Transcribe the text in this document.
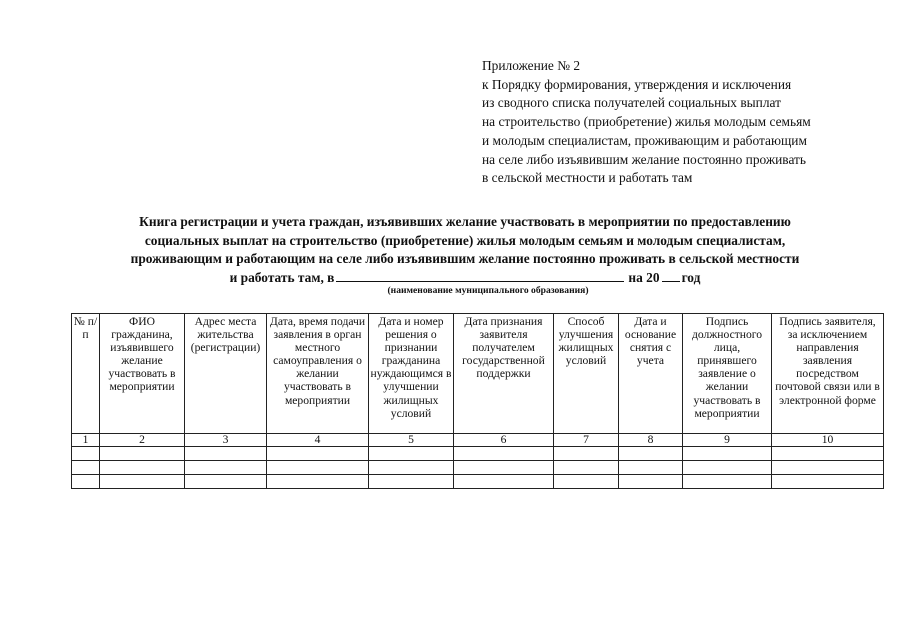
Приложение № 2
к Порядку формирования, утверждения и исключения
из сводного списка получателей социальных выплат
на строительство (приобретение) жилья молодым семьям
и молодым специалистам, проживающим и работающим
на селе либо изъявившим желание постоянно проживать
в сельской местности и работать там
Книга регистрации и учета граждан, изъявивших желание участвовать в мероприятии по предоставлению
социальных выплат на строительство (приобретение) жилья молодым семьям и молодым специалистам,
проживающим и работающим на селе либо изъявившим желание постоянно проживать в сельской местности
и работать там, в	на 20 год
(наименование муниципального образования)
№ п/п	ФИО гражданина, изъявившего желание участвовать в мероприятии	Адрес места жительства (регистрации)	Дата, время подачи заявления в орган местного самоуправления о желании участвовать в мероприятии	Дата и номер решения о признании гражданина нуждающимся в улучшении жилищных условий	Дата признания заявителя получателем государственной поддержки	Способ улучшения жилищных условий	Дата и основание снятия с учета	Подпись должностного лица, принявшего заявление о желании участвовать в мероприятии	Подпись заявителя, за исключением направления заявления посредством почтовой связи или в электронной форме
1	2	3	4	5	6	7	8	9	10
